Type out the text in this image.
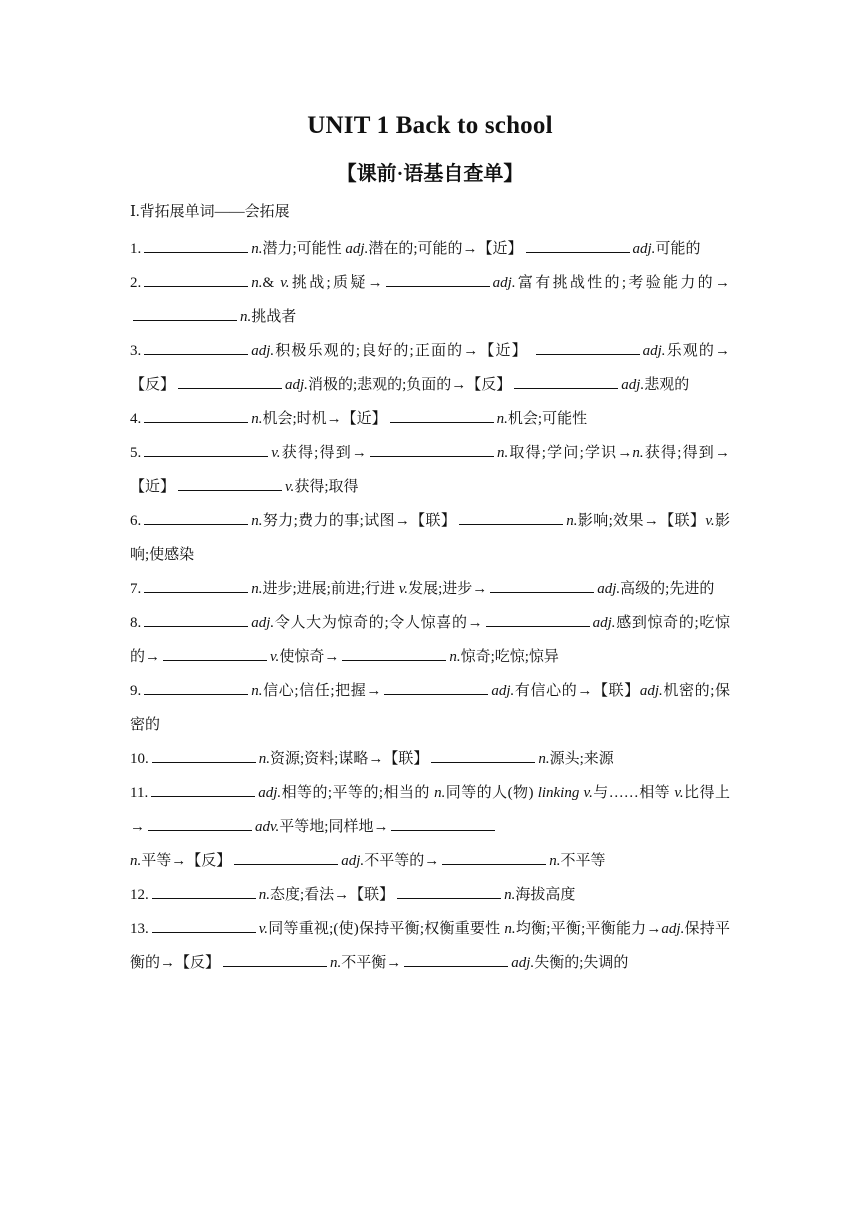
UNIT 1 Back to school
【课前·语基自查单】
Ⅰ.背拓展单词——会拓展

1.	n.潜力;可能性 adj.潜在的;可能的→【近】	adj.可能的

2.	n.& v.挑战;质疑→	adj.富有挑战性的;考验能力的→n.挑战者

3.	adj.积极乐观的;良好的;正面的→【近】	adj.乐观的→【反】	adj.消极的;悲观的;负面的→【反】	adj.悲观的

4.	n.机会;时机→【近】	n.机会;可能性

5.	v.获得;得到→	n.取得;学问;学识→n.获得;得到→【近】	v.获得;取得

6.	n.努力;费力的事;试图→【联】	n.影响;效果→【联】v.影响;使感染

7.	n.进步;进展;前进;行进 v.发展;进步→	adj.高级的;先进的

8.	adj.令人大为惊奇的;令人惊喜的→	adj.感到惊奇的;吃惊的→	v.使惊奇→	n.惊奇;吃惊;惊异

9.	n.信心;信任;把握→	adj.有信心的→【联】adj.机密的;保密的

10.	n.资源;资料;谋略→【联】	n.源头;来源

11.	adj.相等的;平等的;相当的 n.同等的人(物) linking v.与……相等 v.比得上→	adv.平等地;同样地→
n.平等→【反】	adj.不平等的→	n.不平等

12.	n.态度;看法→【联】	n.海拔高度

13.	v.同等重视;(使)保持平衡;权衡重要性 n.均衡;平衡;平衡能力→adj.保持平衡的→【反】	n.不平衡→	adj.失衡的;失调的
